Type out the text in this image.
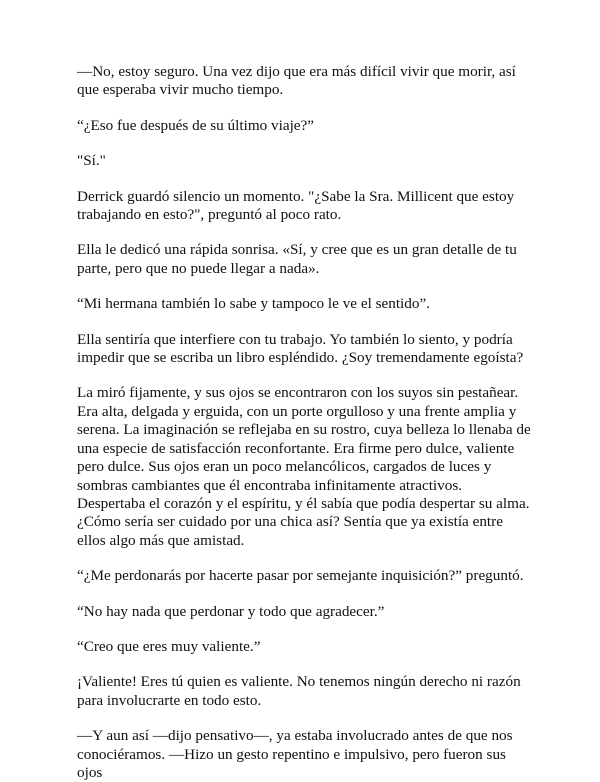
—No, estoy seguro. Una vez dijo que era más difícil vivir que morir, así que esperaba vivir mucho tiempo.

“¿Eso fue después de su último viaje?”

"Sí."

Derrick guardó silencio un momento. "¿Sabe la Sra. Millicent que estoy trabajando en esto?", preguntó al poco rato.

Ella le dedicó una rápida sonrisa. «Sí, y cree que es un gran detalle de tu parte, pero que no puede llegar a nada».

“Mi hermana también lo sabe y tampoco le ve el sentido”.

Ella sentiría que interfiere con tu trabajo. Yo también lo siento, y podría impedir que se escriba un libro espléndido. ¿Soy tremendamente egoísta?

La miró fijamente, y sus ojos se encontraron con los suyos sin pestañear. Era alta, delgada y erguida, con un porte orgulloso y una frente amplia y serena. La imaginación se reflejaba en su rostro, cuya belleza lo llenaba de una especie de satisfacción reconfortante. Era firme pero dulce, valiente pero dulce. Sus ojos eran un poco melancólicos, cargados de luces y sombras cambiantes que él encontraba infinitamente atractivos. Despertaba el corazón y el espíritu, y él sabía que podía despertar su alma. ¿Cómo sería ser cuidado por una chica así? Sentía que ya existía entre ellos algo más que amistad.

“¿Me perdonarás por hacerte pasar por semejante inquisición?” preguntó.

“No hay nada que perdonar y todo que agradecer.”

“Creo que eres muy valiente.”

¡Valiente! Eres tú quien es valiente. No tenemos ningún derecho ni razón para involucrarte en todo esto.

—Y aun así —dijo pensativo—, ya estaba involucrado antes de que nos conociéramos. —Hizo un gesto repentino e impulsivo, pero fueron sus ojos
